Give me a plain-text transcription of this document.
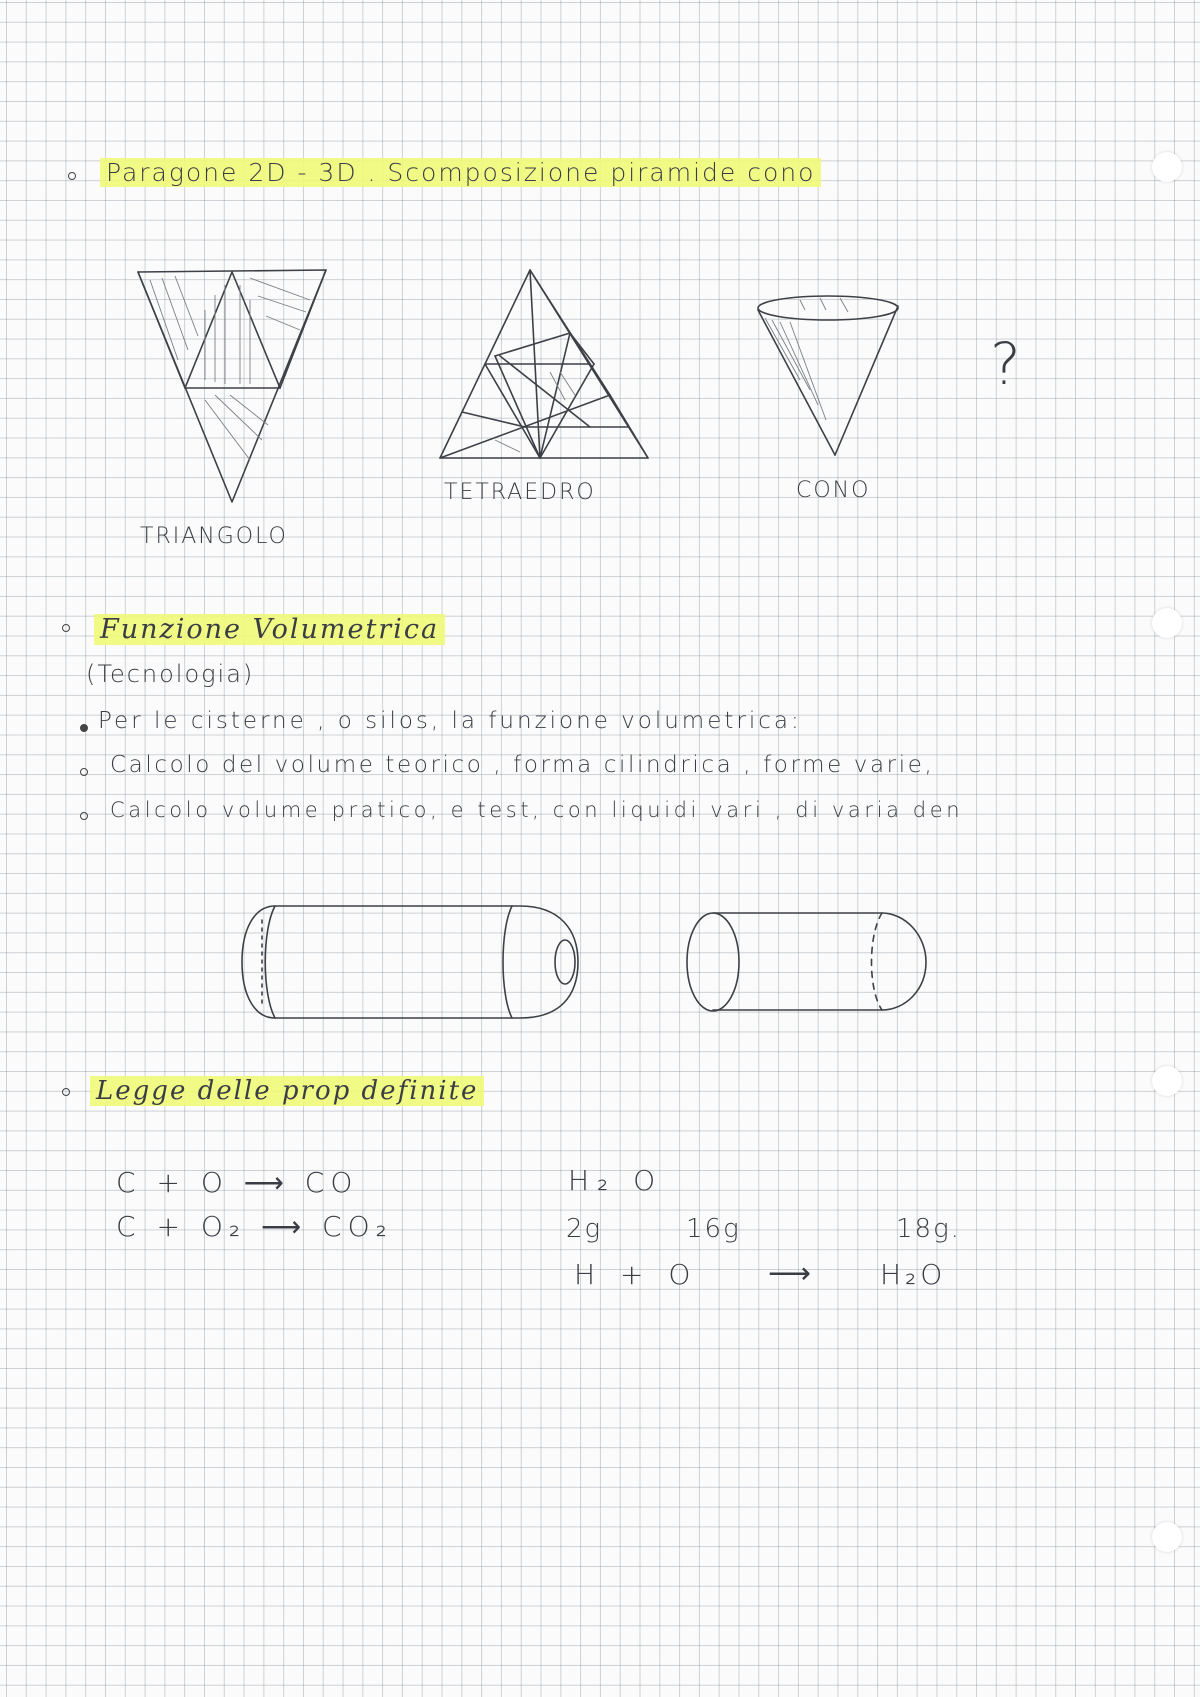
Paragone 2D - 3D . Scomposizione piramide cono
TRIANGOLO
TETRAEDRO	CONO
?
Funzione Volumetrica
(Tecnologia)
Per le cisterne , o silos, la funzione volumetrica:
Calcolo del volume teorico , forma cilindrica , forme varie,
Calcolo volume pratico, e test, con liquidi vari , di varia den
Legge delle prop definite
C + O ⟶ CO
C + O₂ ⟶ CO₂
H₂ O
2g	16g	18g.
H + O ⟶ H₂O
